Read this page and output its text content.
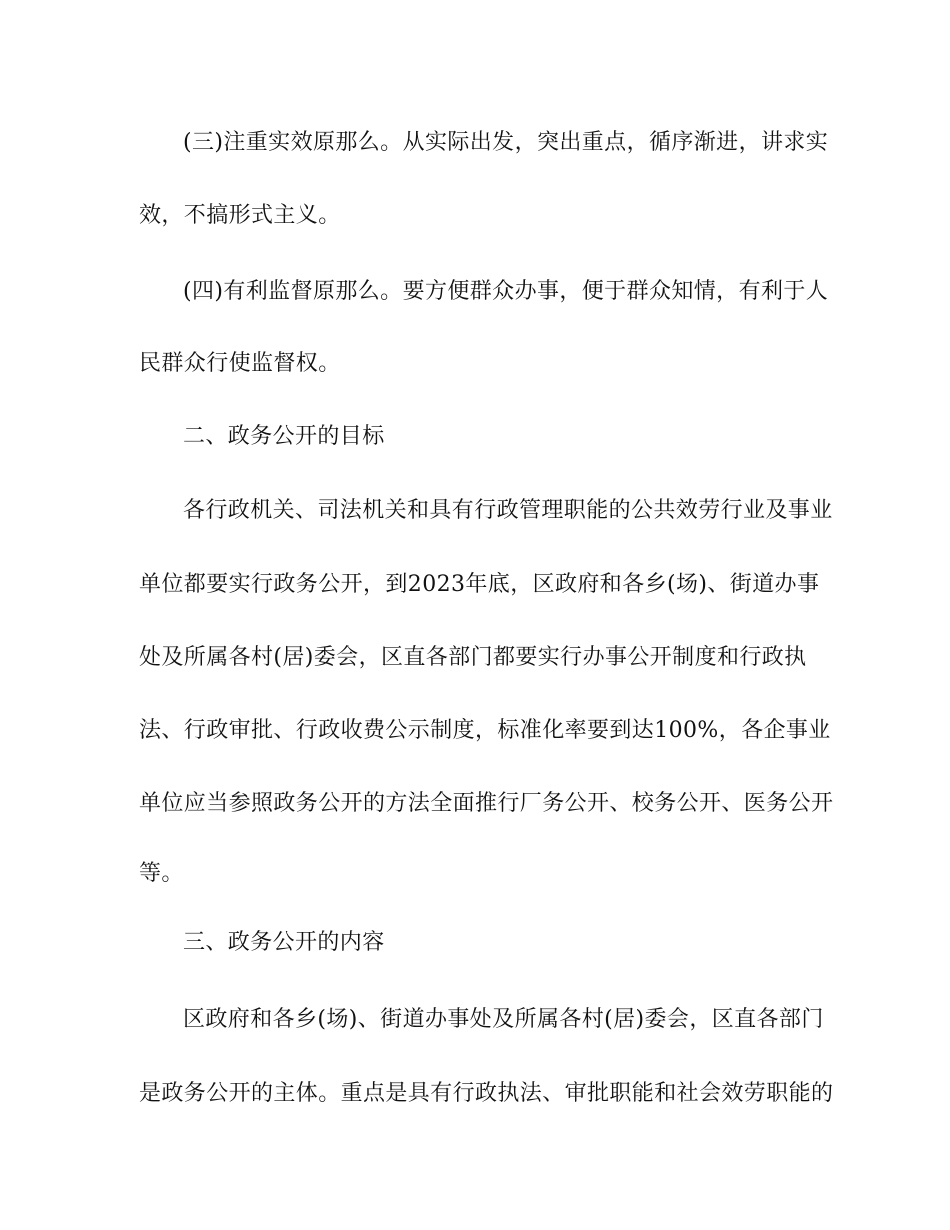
(三)注重实效原那么。从实际出发，突出重点，循序渐进，讲求实
效，不搞形式主义。
(四)有利监督原那么。要方便群众办事，便于群众知情，有利于人
民群众行使监督权。
二、政务公开的目标
各行政机关、司法机关和具有行政管理职能的公共效劳行业及事业
单位都要实行政务公开，到2023年底，区政府和各乡(场)、街道办事
处及所属各村(居)委会，区直各部门都要实行办事公开制度和行政执
法、行政审批、行政收费公示制度，标准化率要到达100%，各企事业
单位应当参照政务公开的方法全面推行厂务公开、校务公开、医务公开
等。
三、政务公开的内容
区政府和各乡(场)、街道办事处及所属各村(居)委会，区直各部门
是政务公开的主体。重点是具有行政执法、审批职能和社会效劳职能的
